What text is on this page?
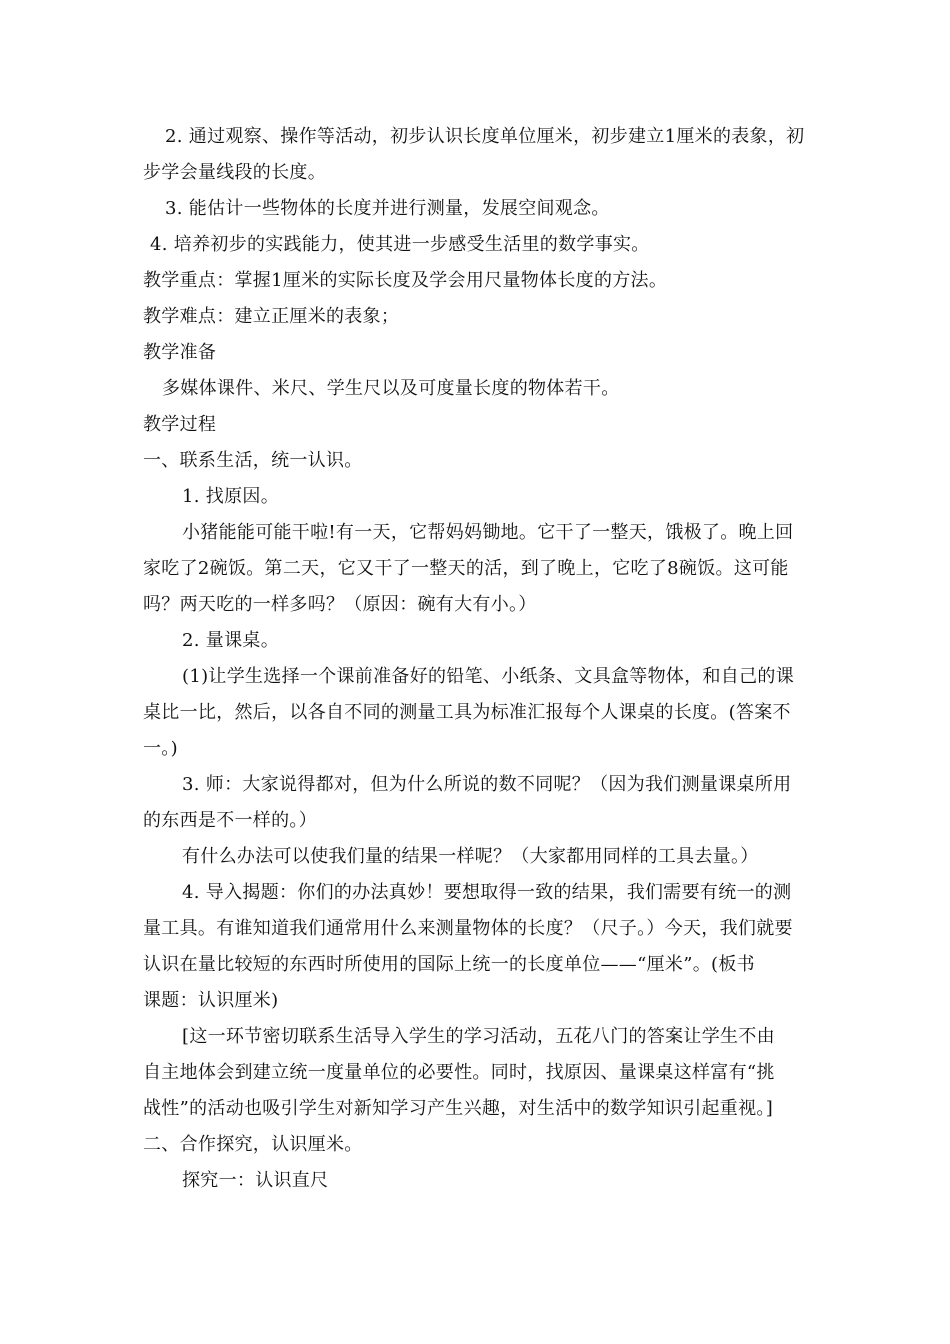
2. 通过观察、操作等活动，初步认识长度单位厘米，初步建立1厘米的表象，初
步学会量线段的长度。
3. 能估计一些物体的长度并进行测量，发展空间观念。
4. 培养初步的实践能力，使其进一步感受生活里的数学事实。
教学重点：掌握1厘米的实际长度及学会用尺量物体长度的方法。
教学难点：建立正厘米的表象；
教学准备
多媒体课件、米尺、学生尺以及可度量长度的物体若干。
教学过程
一、联系生活，统一认识。
1. 找原因。
小猪能能可能干啦!有一天，它帮妈妈锄地。它干了一整天，饿极了。晚上回
家吃了2碗饭。第二天，它又干了一整天的活，到了晚上，它吃了8碗饭。这可能
吗？两天吃的一样多吗？（原因：碗有大有小。）
2. 量课桌。
(1)让学生选择一个课前准备好的铅笔、小纸条、文具盒等物体，和自己的课
桌比一比，然后，以各自不同的测量工具为标准汇报每个人课桌的长度。(答案不
一。)
3. 师：大家说得都对，但为什么所说的数不同呢？（因为我们测量课桌所用
的东西是不一样的。）
有什么办法可以使我们量的结果一样呢？（大家都用同样的工具去量。）
4. 导入揭题：你们的办法真妙！要想取得一致的结果，我们需要有统一的测
量工具。有谁知道我们通常用什么来测量物体的长度？（尺子。）今天，我们就要
认识在量比较短的东西时所使用的国际上统一的长度单位——“厘米”。(板书
课题：认识厘米)
[这一环节密切联系生活导入学生的学习活动，五花八门的答案让学生不由
自主地体会到建立统一度量单位的必要性。同时，找原因、量课桌这样富有“挑
战性”的活动也吸引学生对新知学习产生兴趣，对生活中的数学知识引起重视。]
二、合作探究，认识厘米。
探究一：认识直尺
